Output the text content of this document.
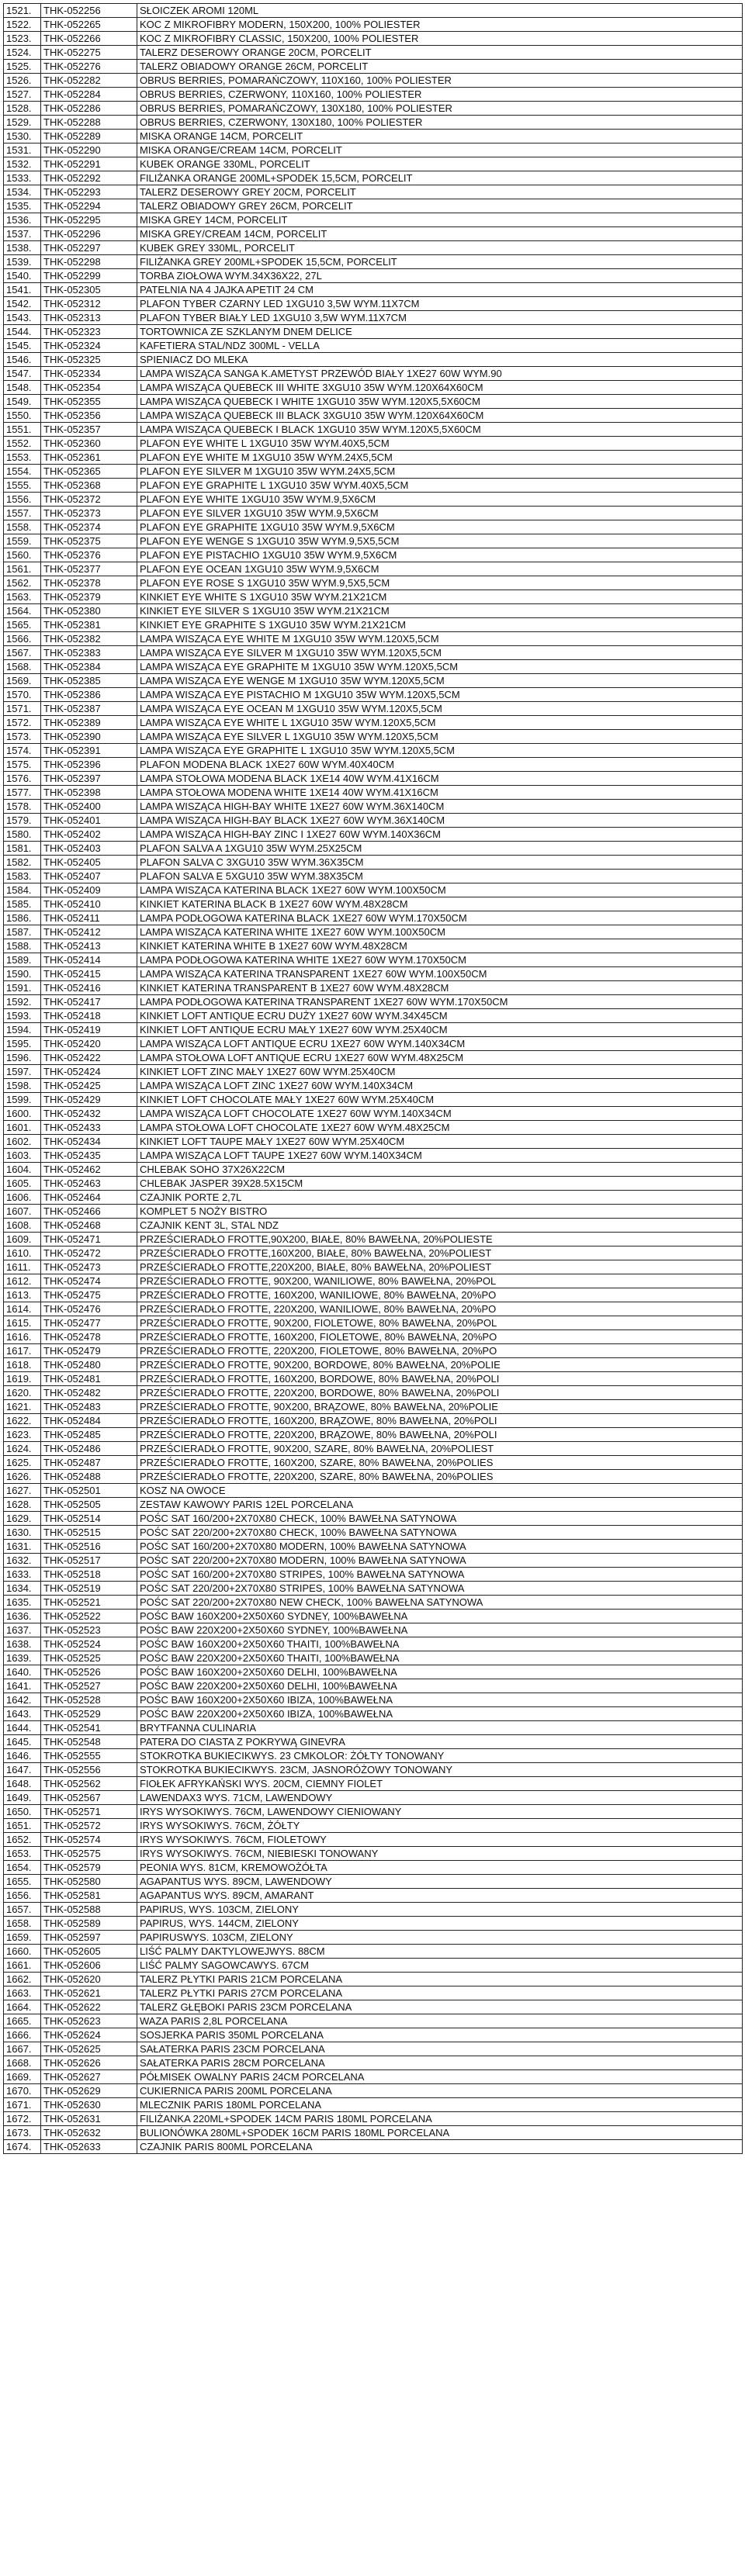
1521.	THK-052256	SŁOICZEK AROMI 120ML
1522.	THK-052265	KOC Z MIKROFIBRY MODERN, 150X200, 100% POLIESTER
1523.	THK-052266	KOC Z MIKROFIBRY CLASSIC, 150X200, 100% POLIESTER
1524.	THK-052275	TALERZ DESEROWY ORANGE 20CM, PORCELIT
1525.	THK-052276	TALERZ OBIADOWY ORANGE 26CM, PORCELIT
1526.	THK-052282	OBRUS BERRIES, POMARAŃCZOWY, 110X160, 100% POLIESTER
1527.	THK-052284	OBRUS BERRIES, CZERWONY, 110X160, 100% POLIESTER
1528.	THK-052286	OBRUS BERRIES, POMARAŃCZOWY, 130X180, 100% POLIESTER
1529.	THK-052288	OBRUS BERRIES, CZERWONY, 130X180, 100% POLIESTER
1530.	THK-052289	MISKA ORANGE 14CM, PORCELIT
1531.	THK-052290	MISKA ORANGE/CREAM 14CM, PORCELIT
1532.	THK-052291	KUBEK ORANGE 330ML, PORCELIT
1533.	THK-052292	FILIŻANKA ORANGE 200ML+SPODEK 15,5CM, PORCELIT
1534.	THK-052293	TALERZ DESEROWY GREY 20CM, PORCELIT
1535.	THK-052294	TALERZ OBIADOWY GREY 26CM, PORCELIT
1536.	THK-052295	MISKA GREY 14CM, PORCELIT
1537.	THK-052296	MISKA GREY/CREAM 14CM, PORCELIT
1538.	THK-052297	KUBEK GREY 330ML, PORCELIT
1539.	THK-052298	FILIŻANKA GREY 200ML+SPODEK 15,5CM, PORCELIT
1540.	THK-052299	TORBA ZIOŁOWA WYM.34X36X22, 27L
1541.	THK-052305	PATELNIA NA 4 JAJKA APETIT 24 CM
1542.	THK-052312	PLAFON TYBER CZARNY LED 1XGU10 3,5W WYM.11X7CM
1543.	THK-052313	PLAFON TYBER BIAŁY LED 1XGU10 3,5W WYM.11X7CM
1544.	THK-052323	TORTOWNICA ZE SZKLANYM DNEM DELICE
1545.	THK-052324	KAFETIERA STAL/NDZ 300ML - VELLA
1546.	THK-052325	SPIENIACZ DO MLEKA
1547.	THK-052334	LAMPA WISZĄCA SANGA K.AMETYST PRZEWÓD BIAŁY 1XE27 60W WYM.90
1548.	THK-052354	LAMPA WISZĄCA QUEBECK III WHITE 3XGU10 35W WYM.120X64X60CM
1549.	THK-052355	LAMPA WISZĄCA QUEBECK I WHITE 1XGU10 35W WYM.120X5,5X60CM
1550.	THK-052356	LAMPA WISZĄCA QUEBECK III BLACK 3XGU10 35W WYM.120X64X60CM
1551.	THK-052357	LAMPA WISZĄCA QUEBECK I BLACK 1XGU10 35W WYM.120X5,5X60CM
1552.	THK-052360	PLAFON EYE WHITE L 1XGU10 35W WYM.40X5,5CM
1553.	THK-052361	PLAFON EYE WHITE M 1XGU10 35W WYM.24X5,5CM
1554.	THK-052365	PLAFON EYE SILVER M 1XGU10 35W WYM.24X5,5CM
1555.	THK-052368	PLAFON EYE GRAPHITE L 1XGU10 35W WYM.40X5,5CM
1556.	THK-052372	PLAFON EYE WHITE 1XGU10 35W WYM.9,5X6CM
1557.	THK-052373	PLAFON EYE SILVER 1XGU10 35W WYM.9,5X6CM
1558.	THK-052374	PLAFON EYE GRAPHITE 1XGU10 35W WYM.9,5X6CM
1559.	THK-052375	PLAFON EYE WENGE S 1XGU10 35W WYM.9,5X5,5CM
1560.	THK-052376	PLAFON EYE PISTACHIO 1XGU10 35W WYM.9,5X6CM
1561.	THK-052377	PLAFON EYE OCEAN 1XGU10 35W WYM.9,5X6CM
1562.	THK-052378	PLAFON EYE ROSE S 1XGU10 35W WYM.9,5X5,5CM
1563.	THK-052379	KINKIET EYE WHITE S 1XGU10 35W WYM.21X21CM
1564.	THK-052380	KINKIET EYE SILVER S 1XGU10 35W WYM.21X21CM
1565.	THK-052381	KINKIET EYE GRAPHITE S 1XGU10 35W WYM.21X21CM
1566.	THK-052382	LAMPA WISZĄCA EYE WHITE M 1XGU10 35W WYM.120X5,5CM
1567.	THK-052383	LAMPA WISZĄCA EYE SILVER M 1XGU10 35W WYM.120X5,5CM
1568.	THK-052384	LAMPA WISZĄCA EYE GRAPHITE M 1XGU10 35W WYM.120X5,5CM
1569.	THK-052385	LAMPA WISZĄCA EYE WENGE M 1XGU10 35W WYM.120X5,5CM
1570.	THK-052386	LAMPA WISZĄCA EYE PISTACHIO M 1XGU10 35W WYM.120X5,5CM
1571.	THK-052387	LAMPA WISZĄCA EYE OCEAN M 1XGU10 35W WYM.120X5,5CM
1572.	THK-052389	LAMPA WISZĄCA EYE WHITE L 1XGU10 35W WYM.120X5,5CM
1573.	THK-052390	LAMPA WISZĄCA EYE SILVER L 1XGU10 35W WYM.120X5,5CM
1574.	THK-052391	LAMPA WISZĄCA EYE GRAPHITE L 1XGU10 35W WYM.120X5,5CM
1575.	THK-052396	PLAFON MODENA BLACK 1XE27 60W WYM.40X40CM
1576.	THK-052397	LAMPA STOŁOWA MODENA BLACK 1XE14 40W WYM.41X16CM
1577.	THK-052398	LAMPA STOŁOWA MODENA WHITE 1XE14 40W WYM.41X16CM
1578.	THK-052400	LAMPA WISZĄCA HIGH-BAY WHITE 1XE27 60W WYM.36X140CM
1579.	THK-052401	LAMPA WISZĄCA HIGH-BAY BLACK 1XE27 60W WYM.36X140CM
1580.	THK-052402	LAMPA WISZĄCA HIGH-BAY ZINC I 1XE27 60W WYM.140X36CM
1581.	THK-052403	PLAFON SALVA A 1XGU10 35W WYM.25X25CM
1582.	THK-052405	PLAFON SALVA C 3XGU10 35W WYM.36X35CM
1583.	THK-052407	PLAFON SALVA E 5XGU10 35W WYM.38X35CM
1584.	THK-052409	LAMPA WISZĄCA KATERINA BLACK 1XE27 60W WYM.100X50CM
1585.	THK-052410	KINKIET KATERINA BLACK B 1XE27 60W WYM.48X28CM
1586.	THK-052411	LAMPA PODŁOGOWA KATERINA BLACK 1XE27 60W WYM.170X50CM
1587.	THK-052412	LAMPA WISZĄCA KATERINA WHITE 1XE27 60W WYM.100X50CM
1588.	THK-052413	KINKIET KATERINA WHITE B 1XE27 60W WYM.48X28CM
1589.	THK-052414	LAMPA PODŁOGOWA KATERINA WHITE 1XE27 60W WYM.170X50CM
1590.	THK-052415	LAMPA WISZĄCA KATERINA TRANSPARENT 1XE27 60W WYM.100X50CM
1591.	THK-052416	KINKIET KATERINA TRANSPARENT B 1XE27 60W WYM.48X28CM
1592.	THK-052417	LAMPA PODŁOGOWA KATERINA TRANSPARENT 1XE27 60W WYM.170X50CM
1593.	THK-052418	KINKIET LOFT ANTIQUE ECRU DUŻY 1XE27 60W WYM.34X45CM
1594.	THK-052419	KINKIET LOFT ANTIQUE ECRU MAŁY 1XE27 60W WYM.25X40CM
1595.	THK-052420	LAMPA WISZĄCA LOFT ANTIQUE ECRU 1XE27 60W WYM.140X34CM
1596.	THK-052422	LAMPA STOŁOWA LOFT ANTIQUE ECRU 1XE27 60W WYM.48X25CM
1597.	THK-052424	KINKIET LOFT ZINC MAŁY 1XE27 60W WYM.25X40CM
1598.	THK-052425	LAMPA WISZĄCA LOFT ZINC 1XE27 60W WYM.140X34CM
1599.	THK-052429	KINKIET LOFT CHOCOLATE MAŁY 1XE27 60W WYM.25X40CM
1600.	THK-052432	LAMPA WISZĄCA LOFT CHOCOLATE 1XE27 60W WYM.140X34CM
1601.	THK-052433	LAMPA STOŁOWA LOFT CHOCOLATE 1XE27 60W WYM.48X25CM
1602.	THK-052434	KINKIET LOFT TAUPE MAŁY 1XE27 60W WYM.25X40CM
1603.	THK-052435	LAMPA WISZĄCA LOFT TAUPE 1XE27 60W WYM.140X34CM
1604.	THK-052462	CHLEBAK SOHO 37X26X22CM
1605.	THK-052463	CHLEBAK JASPER 39X28.5X15CM
1606.	THK-052464	CZAJNIK PORTE 2,7L
1607.	THK-052466	KOMPLET 5 NOŻY BISTRO
1608.	THK-052468	CZAJNIK KENT 3L, STAL NDZ
1609.	THK-052471	PRZEŚCIERADŁO FROTTE,90X200, BIAŁE, 80% BAWEŁNA, 20%POLIESTE
1610.	THK-052472	PRZEŚCIERADŁO FROTTE,160X200, BIAŁE, 80% BAWEŁNA, 20%POLIEST
1611.	THK-052473	PRZEŚCIERADŁO FROTTE,220X200, BIAŁE, 80% BAWEŁNA, 20%POLIEST
1612.	THK-052474	PRZEŚCIERADŁO FROTTE, 90X200, WANILIOWE, 80% BAWEŁNA, 20%POL
1613.	THK-052475	PRZEŚCIERADŁO FROTTE, 160X200, WANILIOWE, 80% BAWEŁNA, 20%PO
1614.	THK-052476	PRZEŚCIERADŁO FROTTE, 220X200, WANILIOWE, 80% BAWEŁNA, 20%PO
1615.	THK-052477	PRZEŚCIERADŁO FROTTE, 90X200, FIOLETOWE, 80% BAWEŁNA, 20%POL
1616.	THK-052478	PRZEŚCIERADŁO FROTTE, 160X200, FIOLETOWE, 80% BAWEŁNA, 20%PO
1617.	THK-052479	PRZEŚCIERADŁO FROTTE, 220X200, FIOLETOWE, 80% BAWEŁNA, 20%PO
1618.	THK-052480	PRZEŚCIERADŁO FROTTE, 90X200, BORDOWE, 80% BAWEŁNA, 20%POLIE
1619.	THK-052481	PRZEŚCIERADŁO FROTTE, 160X200, BORDOWE, 80% BAWEŁNA, 20%POLI
1620.	THK-052482	PRZEŚCIERADŁO FROTTE, 220X200, BORDOWE, 80% BAWEŁNA, 20%POLI
1621.	THK-052483	PRZEŚCIERADŁO FROTTE, 90X200, BRĄZOWE, 80% BAWEŁNA, 20%POLIE
1622.	THK-052484	PRZEŚCIERADŁO FROTTE, 160X200, BRĄZOWE, 80% BAWEŁNA, 20%POLI
1623.	THK-052485	PRZEŚCIERADŁO FROTTE, 220X200, BRĄZOWE, 80% BAWEŁNA, 20%POLI
1624.	THK-052486	PRZEŚCIERADŁO FROTTE, 90X200, SZARE, 80% BAWEŁNA, 20%POLIEST
1625.	THK-052487	PRZEŚCIERADŁO FROTTE, 160X200, SZARE, 80% BAWEŁNA, 20%POLIES
1626.	THK-052488	PRZEŚCIERADŁO FROTTE, 220X200, SZARE, 80% BAWEŁNA, 20%POLIES
1627.	THK-052501	KOSZ NA OWOCE
1628.	THK-052505	ZESTAW KAWOWY PARIS 12EL PORCELANA
1629.	THK-052514	POŚC SAT 160/200+2X70X80 CHECK, 100% BAWEŁNA SATYNOWA
1630.	THK-052515	POŚC SAT 220/200+2X70X80 CHECK, 100% BAWEŁNA SATYNOWA
1631.	THK-052516	POŚC SAT 160/200+2X70X80 MODERN, 100% BAWEŁNA SATYNOWA
1632.	THK-052517	POŚC SAT 220/200+2X70X80 MODERN, 100% BAWEŁNA SATYNOWA
1633.	THK-052518	POŚC SAT 160/200+2X70X80 STRIPES, 100% BAWEŁNA SATYNOWA
1634.	THK-052519	POŚC SAT 220/200+2X70X80 STRIPES, 100% BAWEŁNA SATYNOWA
1635.	THK-052521	POŚC SAT 220/200+2X70X80 NEW CHECK, 100% BAWEŁNA SATYNOWA
1636.	THK-052522	POŚC BAW 160X200+2X50X60 SYDNEY, 100%BAWEŁNA
1637.	THK-052523	POŚC BAW 220X200+2X50X60 SYDNEY, 100%BAWEŁNA
1638.	THK-052524	POŚC BAW 160X200+2X50X60 THAITI, 100%BAWEŁNA
1639.	THK-052525	POŚC BAW 220X200+2X50X60 THAITI, 100%BAWEŁNA
1640.	THK-052526	POŚC BAW 160X200+2X50X60 DELHI, 100%BAWEŁNA
1641.	THK-052527	POŚC BAW 220X200+2X50X60 DELHI, 100%BAWEŁNA
1642.	THK-052528	POŚC BAW 160X200+2X50X60 IBIZA, 100%BAWEŁNA
1643.	THK-052529	POŚC BAW 220X200+2X50X60 IBIZA, 100%BAWEŁNA
1644.	THK-052541	BRYTFANNA CULINARIA
1645.	THK-052548	PATERA DO CIASTA Z POKRYWĄ GINEVRA
1646.	THK-052555	STOKROTKA BUKIECIKWYS. 23 CMKOLOR: ŻÓŁTY TONOWANY
1647.	THK-052556	STOKROTKA BUKIECIKWYS. 23CM, JASNORÓŻOWY TONOWANY
1648.	THK-052562	FIOŁEK AFRYKAŃSKI WYS. 20CM, CIEMNY FIOLET
1649.	THK-052567	LAWENDAX3 WYS. 71CM, LAWENDOWY
1650.	THK-052571	IRYS WYSOKIWYS. 76CM, LAWENDOWY CIENIOWANY
1651.	THK-052572	IRYS WYSOKIWYS. 76CM, ŻÓŁTY
1652.	THK-052574	IRYS WYSOKIWYS. 76CM, FIOLETOWY
1653.	THK-052575	IRYS WYSOKIWYS. 76CM, NIEBIESKI TONOWANY
1654.	THK-052579	PEONIA WYS. 81CM, KREMOWOŻÓŁTA
1655.	THK-052580	AGAPANTUS WYS. 89CM, LAWENDOWY
1656.	THK-052581	AGAPANTUS WYS. 89CM, AMARANT
1657.	THK-052588	PAPIRUS, WYS. 103CM, ZIELONY
1658.	THK-052589	PAPIRUS, WYS. 144CM, ZIELONY
1659.	THK-052597	PAPIRUSWYS. 103CM, ZIELONY
1660.	THK-052605	LIŚĆ PALMY DAKTYLOWEJWYS. 88CM
1661.	THK-052606	LIŚĆ PALMY SAGOWCAWYS. 67CM
1662.	THK-052620	TALERZ PŁYTKI PARIS 21CM PORCELANA
1663.	THK-052621	TALERZ PŁYTKI PARIS 27CM PORCELANA
1664.	THK-052622	TALERZ GŁĘBOKI PARIS 23CM PORCELANA
1665.	THK-052623	WAZA PARIS 2,8L PORCELANA
1666.	THK-052624	SOSJERKA PARIS 350ML PORCELANA
1667.	THK-052625	SAŁATERKA PARIS 23CM PORCELANA
1668.	THK-052626	SAŁATERKA PARIS 28CM PORCELANA
1669.	THK-052627	PÓŁMISEK OWALNY PARIS 24CM PORCELANA
1670.	THK-052629	CUKIERNICA PARIS 200ML PORCELANA
1671.	THK-052630	MLECZNIK PARIS 180ML PORCELANA
1672.	THK-052631	FILIŻANKA 220ML+SPODEK 14CM PARIS 180ML PORCELANA
1673.	THK-052632	BULIONÓWKA 280ML+SPODEK 16CM PARIS 180ML PORCELANA
1674.	THK-052633	CZAJNIK PARIS 800ML PORCELANA
